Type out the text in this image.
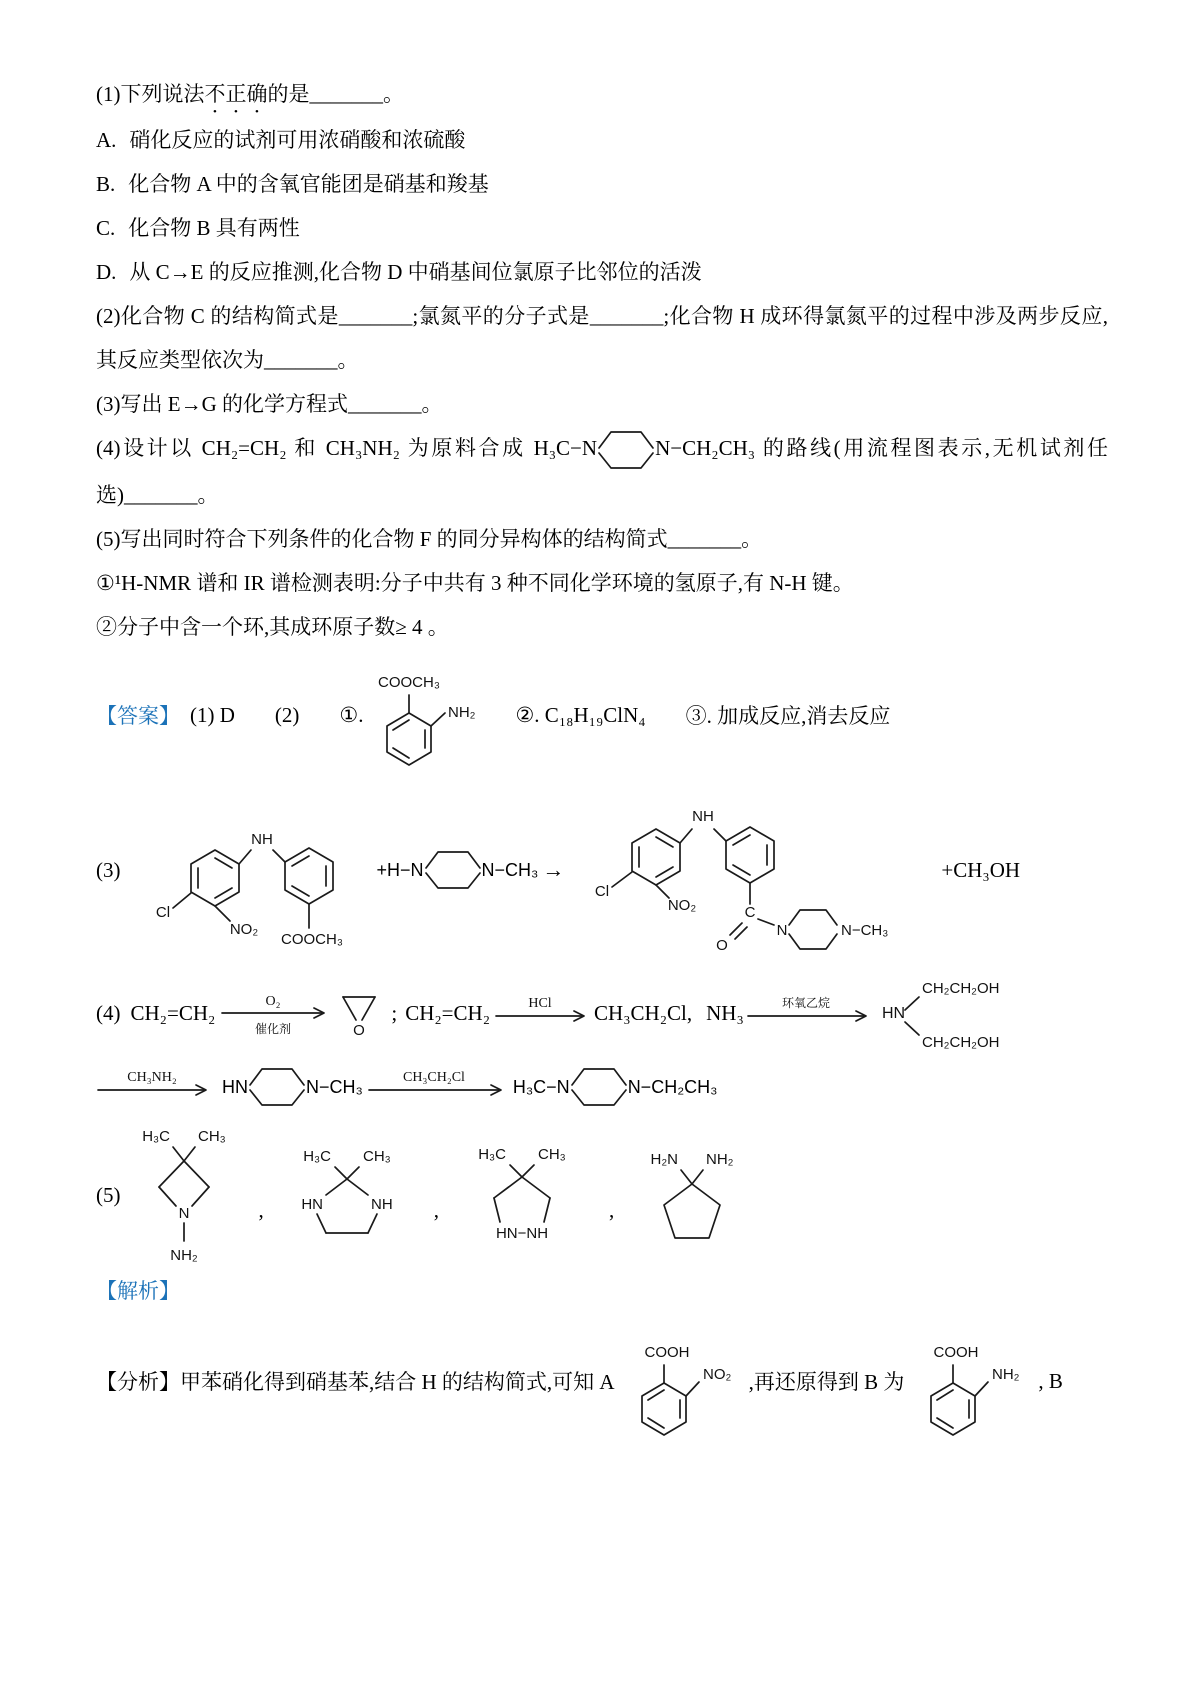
(1)下列说法不正确的是_______。

A. 硝化反应的试剂可用浓硝酸和浓硫酸

B. 化合物 A 中的含氧官能团是硝基和羧基

C. 化合物 B 具有两性

D. 从 C→E 的反应推测,化合物 D 中硝基间位氯原子比邻位的活泼

(2)化合物 C 的结构简式是_______;氯氮平的分子式是_______;化合物 H 成环得氯氮平的过程中涉及两步反应,其反应类型依次为_______。

(3)写出 E→G 的化学方程式_______。

(4)设计以 CH₂=CH₂ 和 CH₃NH₂ 为原料合成 H₃C−N	N−CH₂CH₃ 的路线(用流程图表示,无机试剂任选)_______。

(5)写出同时符合下列条件的化合物 F 的同分异构体的结构简式_______。

①¹H-NMR 谱和 IR 谱检测表明:分子中共有 3 种不同化学环境的氢原子,有 N-H 键。

②分子中含一个环,其成环原子数≥ 4 。

【答案】 (1) D (2) ①.
COOCH₃
NH₂ ②. C₁₈H₁₉ClN₄ ③. 加成反应,消去反应
(3)
NH
Cl
NO₂
COOCH₃
+H−N	N−CH₃ →
NH
Cl
NO₂	C
O
N	N−CH₃
+CH₃OH
(4) CH₂=CH₂	O₂
催化剂	O
; CH₂=CH₂	HCl CH₃CH₂Cl, NH₃	环氧乙烷
HN
CH₂CH₂OH
CH₂CH₂OH
CH₃NH₂	HN	N−CH₃	CH₃CH₂Cl	H₃C−N	N−CH₂CH₃
(5)
H₃C CH₃
N
NH₂
,
H₃C CH₃
HN	NH ,
H₃C CH₃
HN−NH
,
H₂N NH₂

【解析】

【分析】 甲苯硝化得到硝基苯,结合 H 的结构简式,可知 A
COOH
NO₂ ,再还原得到 B 为
COOH
NH₂ , B
